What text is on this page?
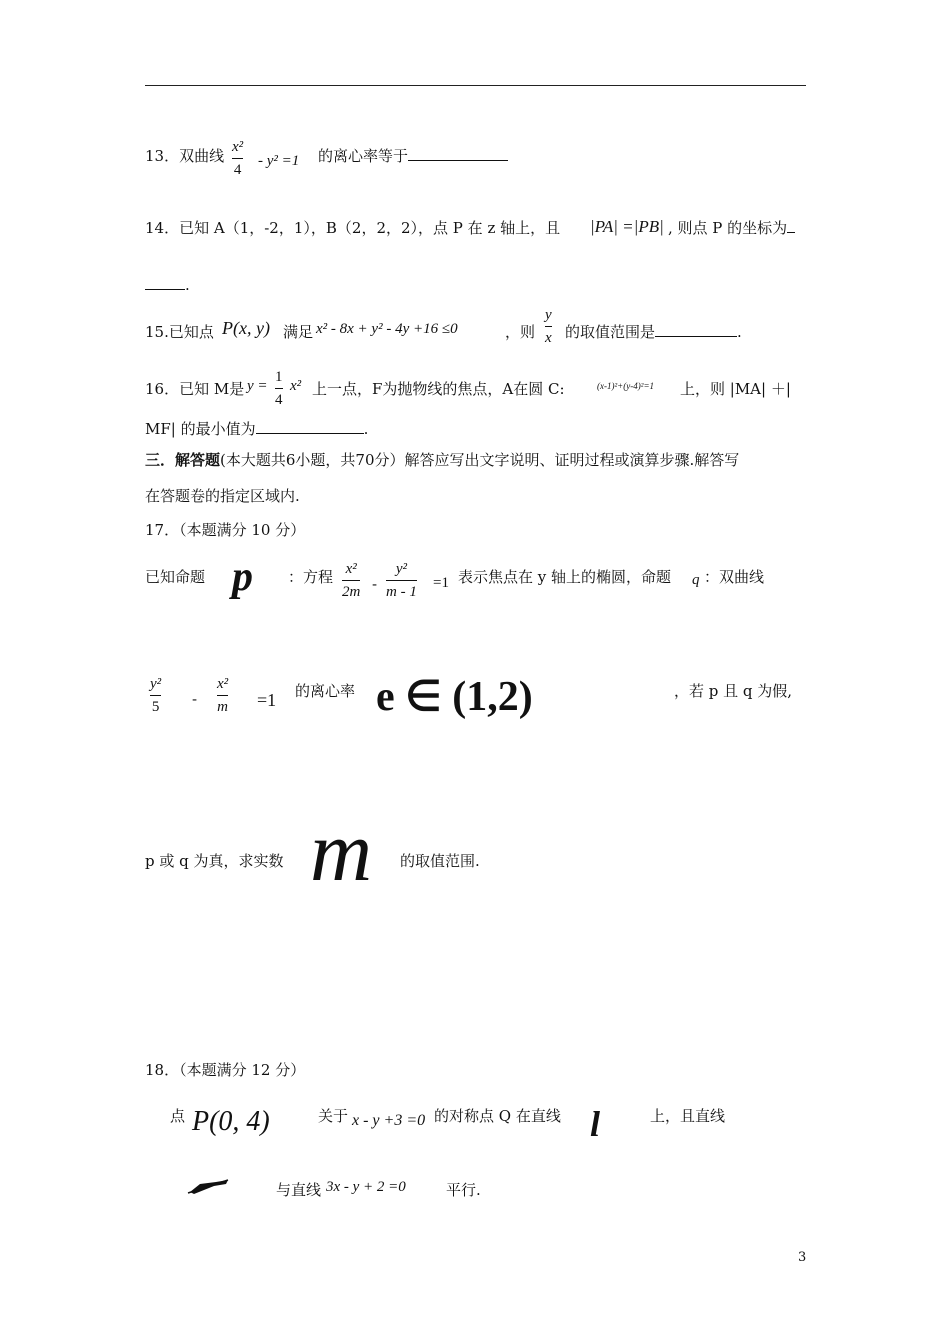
13．双曲线 x²
4
- y² =1 的离心率等于
14．已知 A（1，-2，1），B（2，2，2），点 P 在 z 轴上，且 |PA| =|PB| , 则点 P 的坐标为
.
15.已知点 P(x, y) 满足 x² - 8x + y² - 4y +16 ≤0	，则
y
x 的取值范围是	.
16．已知 M是 y =
1
4
x² 上一点，F为抛物线的焦点，A在圆 C:	(x-1)²+(y-4)²=1 上，则 |MA| ＋|
MF| 的最小值为	.
三．解答题(本大题共6小题，共70分）解答应写出文字说明、证明过程或演算步骤.解答写
在答题卷的指定区域内.
17．（本题满分 10 分）
已知命题 p ：方程 x²
2m -
y²
m - 1
=1 表示焦点在 y 轴上的椭圆，命题 q ：双曲线
y²
5 -
x²
m =1 的离心率 e ∈ (1,2)	，若 p 且 q 为假,
p 或 q 为真，求实数 m 的取值范围.
18．（本题满分 12 分）
点 P(0, 4)	关于 x - y +3 =0 的对称点 Q 在直线 l	上，且直线
与直线 3x - y + 2 =0	平行.
3
